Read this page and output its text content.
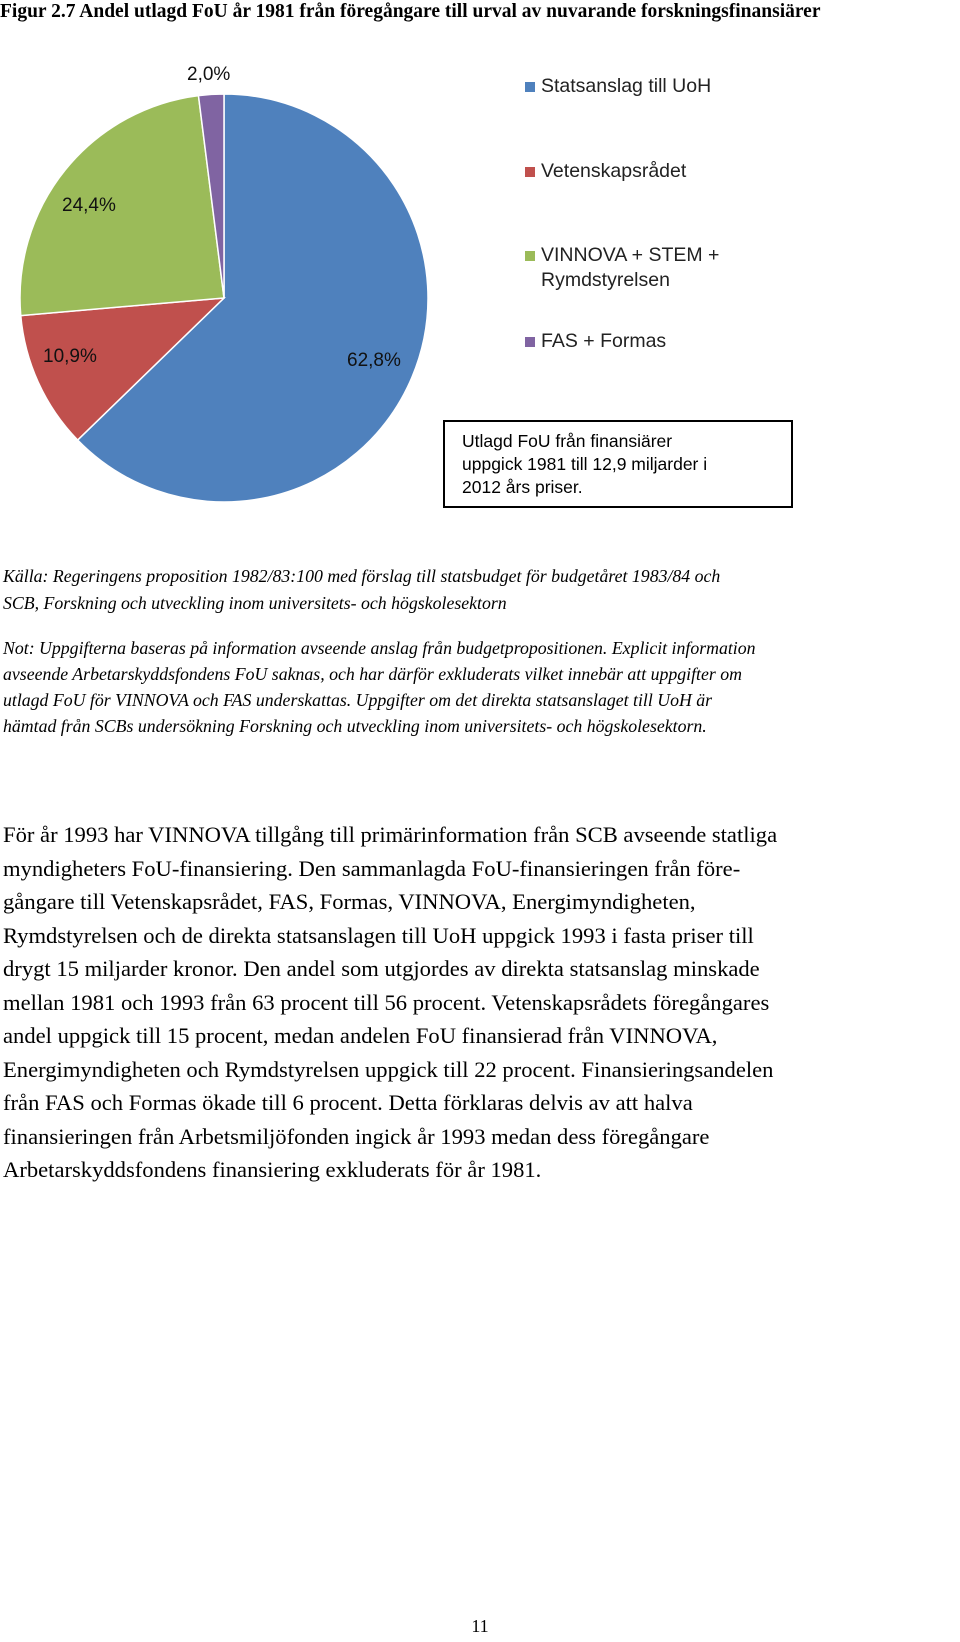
Figur 2.7 Andel utlagd FoU år 1981 från föregångare till urval av nuvarande forskningsfinansiärer
62,8%
10,9%
24,4%
2,0%
Statsanslag till UoH
Vetenskapsrådet
VINNOVA + STEM +
Rymdstyrelsen
FAS + Formas
Utlagd FoU från finansiärer
uppgick 1981 till 12,9 miljarder i
2012 års priser.
Källa: Regeringens proposition 1982/83:100 med förslag till statsbudget för budgetåret 1983/84 och
SCB, Forskning och utveckling inom universitets- och högskolesektorn
Not: Uppgifterna baseras på information avseende anslag från budgetpropositionen. Explicit information
avseende Arbetarskyddsfondens FoU saknas, och har därför exkluderats vilket innebär att uppgifter om
utlagd FoU för VINNOVA och FAS underskattas. Uppgifter om det direkta statsanslaget till UoH är
hämtad från SCBs undersökning Forskning och utveckling inom universitets- och högskolesektorn.
För år 1993 har VINNOVA tillgång till primärinformation från SCB avseende statliga
myndigheters FoU-finansiering. Den sammanlagda FoU-finansieringen från före-
gångare till Vetenskapsrådet, FAS, Formas, VINNOVA, Energimyndigheten,
Rymdstyrelsen och de direkta statsanslagen till UoH uppgick 1993 i fasta priser till
drygt 15 miljarder kronor. Den andel som utgjordes av direkta statsanslag minskade
mellan 1981 och 1993 från 63 procent till 56 procent. Vetenskapsrådets föregångares
andel uppgick till 15 procent, medan andelen FoU finansierad från VINNOVA,
Energimyndigheten och Rymdstyrelsen uppgick till 22 procent. Finansieringsandelen
från FAS och Formas ökade till 6 procent. Detta förklaras delvis av att halva
finansieringen från Arbetsmiljöfonden ingick år 1993 medan dess föregångare
Arbetarskyddsfondens finansiering exkluderats för år 1981.
11
